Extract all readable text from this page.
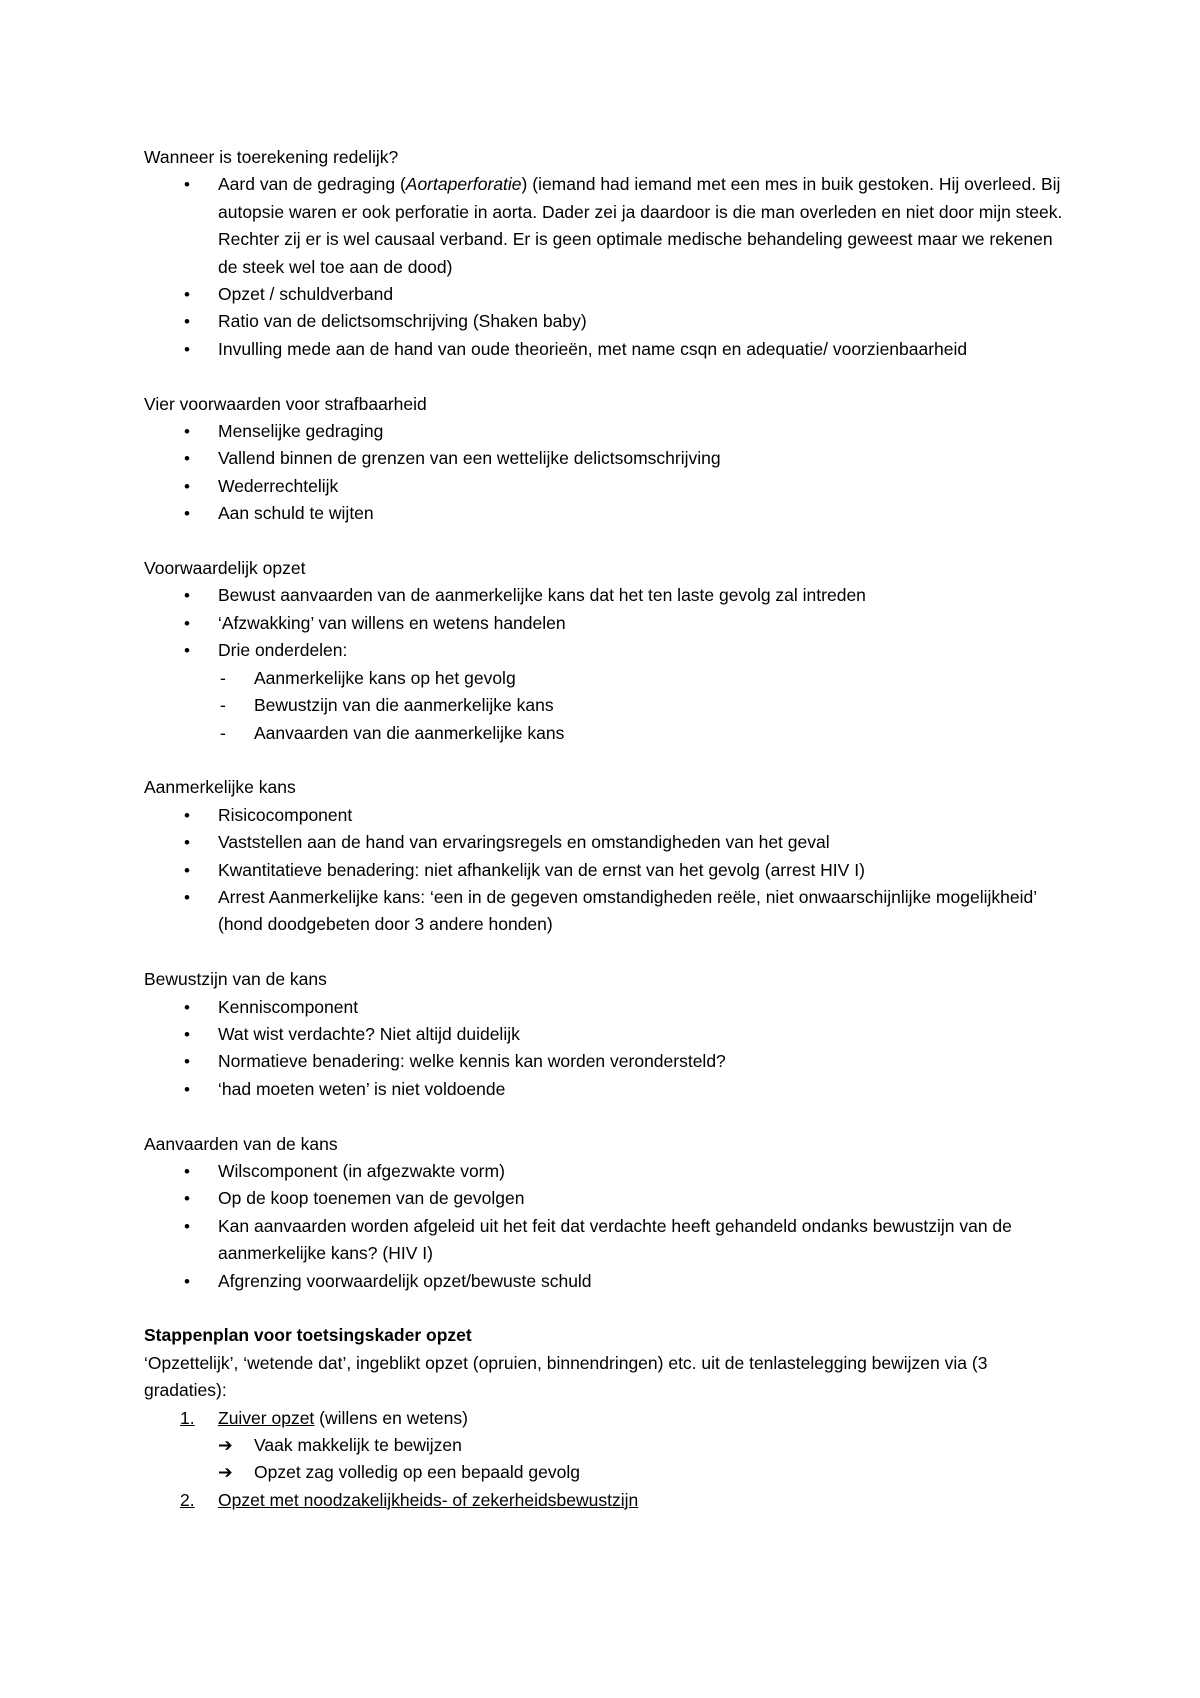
Wanneer is toerekening redelijk?
• Aard van de gedraging (Aortaperforatie) (iemand had iemand met een mes in buik gestoken. Hij overleed. Bij autopsie waren er ook perforatie in aorta. Dader zei ja daardoor is die man overleden en niet door mijn steek. Rechter zij er is wel causaal verband. Er is geen optimale medische behandeling geweest maar we rekenen de steek wel toe aan de dood)
• Opzet / schuldverband
• Ratio van de delictsomschrijving (Shaken baby)
• Invulling mede aan de hand van oude theorieën, met name csqn en adequatie/ voorzienbaarheid
Vier voorwaarden voor strafbaarheid
• Menselijke gedraging
• Vallend binnen de grenzen van een wettelijke delictsomschrijving
• Wederrechtelijk
• Aan schuld te wijten
Voorwaardelijk opzet
• Bewust aanvaarden van de aanmerkelijke kans dat het ten laste gevolg zal intreden
• ‘Afzwakking’ van willens en wetens handelen
• Drie onderdelen:
- Aanmerkelijke kans op het gevolg
- Bewustzijn van die aanmerkelijke kans
- Aanvaarden van die aanmerkelijke kans
Aanmerkelijke kans
• Risicocomponent
• Vaststellen aan de hand van ervaringsregels en omstandigheden van het geval
• Kwantitatieve benadering: niet afhankelijk van de ernst van het gevolg (arrest HIV I)
• Arrest Aanmerkelijke kans: ‘een in de gegeven omstandigheden reële, niet onwaarschijnlijke mogelijkheid’ (hond doodgebeten door 3 andere honden)
Bewustzijn van de kans
• Kenniscomponent
• Wat wist verdachte? Niet altijd duidelijk
• Normatieve benadering: welke kennis kan worden verondersteld?
• ‘had moeten weten’ is niet voldoende
Aanvaarden van de kans
• Wilscomponent (in afgezwakte vorm)
• Op de koop toenemen van de gevolgen
• Kan aanvaarden worden afgeleid uit het feit dat verdachte heeft gehandeld ondanks bewustzijn van de aanmerkelijke kans? (HIV I)
• Afgrenzing voorwaardelijk opzet/bewuste schuld
Stappenplan voor toetsingskader opzet
‘Opzettelijk’, ‘wetende dat’, ingeblikt opzet (opruien, binnendringen) etc. uit de tenlastelegging bewijzen via (3 gradaties):
1. Zuiver opzet (willens en wetens)
➔ Vaak makkelijk te bewijzen
➔ Opzet zag volledig op een bepaald gevolg
2. Opzet met noodzakelijkheids- of zekerheidsbewustzijn
